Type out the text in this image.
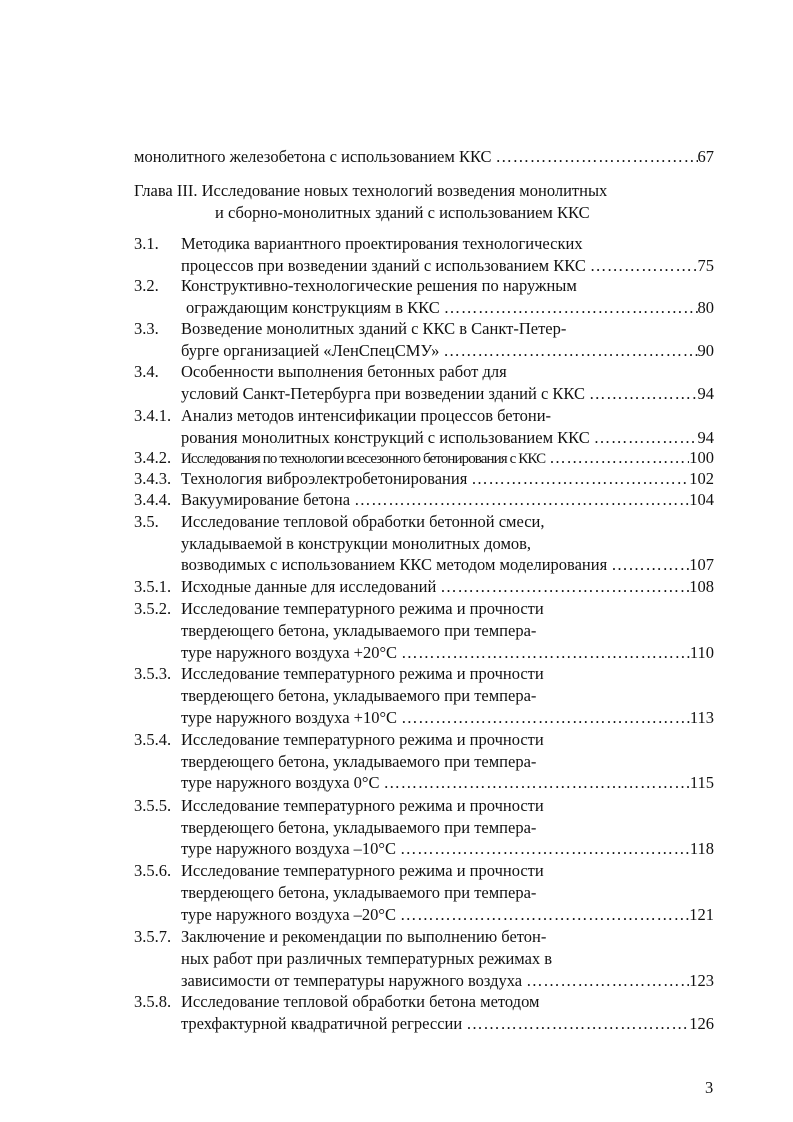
монолитного железобетона с использованием ККС …………………………………………………………………………………………………………	67
Глава III. Исследование новых технологий возведения монолитных
и сборно-монолитных зданий с использованием ККС
3.1.	Методика вариантного проектирования технологических
процессов при возведении зданий с использованием ККС …………………………………………………………………………………………………………	75
3.2.	Конструктивно-технологические решения по наружным
ограждающим конструкциям в ККС …………………………………………………………………………………………………………	80
3.3.	Возведение монолитных зданий с ККС в Санкт-Петер-
бурге организацией «ЛенСпецСМУ» …………………………………………………………………………………………………………	90
3.4.	Особенности выполнения бетонных работ для
условий Санкт-Петербурга при возведении зданий с ККС …………………………………………………………………………………………………………	94
3.4.1. Анализ методов интенсификации процессов бетони-
рования монолитных конструкций с использованием ККС …………………………………………………………………………………………………………	94
3.4.2. Исследования по технологии всесезонного бетонирования с ККС …………………………………………………………………………………………………………	100
3.4.3. Технология виброэлектробетонирования …………………………………………………………………………………………………………	102
3.4.4. Вакуумирование бетона …………………………………………………………………………………………………………	104
3.5.	Исследование тепловой обработки бетонной смеси,
укладываемой в конструкции монолитных домов,
возводимых с использованием ККС методом моделирования …………………………………………………………………………………………………………	107
3.5.1. Исходные данные для исследований …………………………………………………………………………………………………………	108
3.5.2. Исследование температурного режима и прочности
твердеющего бетона, укладываемого при темпера-
туре наружного воздуха +20°С …………………………………………………………………………………………………………	110
3.5.3. Исследование температурного режима и прочности
твердеющего бетона, укладываемого при темпера-
туре наружного воздуха +10°С …………………………………………………………………………………………………………	113
3.5.4. Исследование температурного режима и прочности
твердеющего бетона, укладываемого при темпера-
туре наружного воздуха 0°С …………………………………………………………………………………………………………	115
3.5.5. Исследование температурного режима и прочности
твердеющего бетона, укладываемого при темпера-
туре наружного воздуха –10°С …………………………………………………………………………………………………………	118
3.5.6. Исследование температурного режима и прочности
твердеющего бетона, укладываемого при темпера-
туре наружного воздуха –20°С …………………………………………………………………………………………………………	121
3.5.7. Заключение и рекомендации по выполнению бетон-
ных работ при различных температурных режимах в
зависимости от температуры наружного воздуха …………………………………………………………………………………………………………	123
3.5.8. Исследование тепловой обработки бетона методом
трехфактурной квадратичной регрессии …………………………………………………………………………………………………………	126
3
